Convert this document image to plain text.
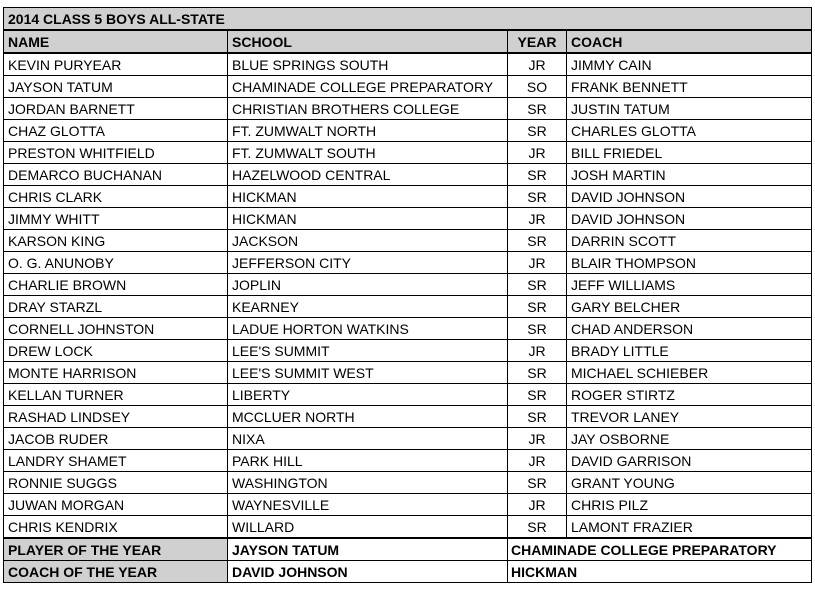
2014 CLASS 5 BOYS ALL-STATE			
NAME	SCHOOL	YEAR	COACH
KEVIN PURYEAR	BLUE SPRINGS SOUTH	JR	JIMMY CAIN
JAYSON TATUM	CHAMINADE COLLEGE PREPARATORY	SO	FRANK BENNETT
JORDAN BARNETT	CHRISTIAN BROTHERS COLLEGE	SR	JUSTIN TATUM
CHAZ GLOTTA	FT. ZUMWALT NORTH	SR	CHARLES GLOTTA
PRESTON WHITFIELD	FT. ZUMWALT SOUTH	JR	BILL FRIEDEL
DEMARCO BUCHANAN	HAZELWOOD CENTRAL	SR	JOSH MARTIN
CHRIS CLARK	HICKMAN	SR	DAVID JOHNSON
JIMMY WHITT	HICKMAN	JR	DAVID JOHNSON
KARSON KING	JACKSON	SR	DARRIN SCOTT
O. G. ANUNOBY	JEFFERSON CITY	JR	BLAIR THOMPSON
CHARLIE BROWN	JOPLIN	SR	JEFF WILLIAMS
DRAY STARZL	KEARNEY	SR	GARY BELCHER
CORNELL JOHNSTON	LADUE HORTON WATKINS	SR	CHAD ANDERSON
DREW LOCK	LEE'S SUMMIT	JR	BRADY LITTLE
MONTE HARRISON	LEE'S SUMMIT WEST	SR	MICHAEL SCHIEBER
KELLAN TURNER	LIBERTY	SR	ROGER STIRTZ
RASHAD LINDSEY	MCCLUER NORTH	SR	TREVOR LANEY
JACOB RUDER	NIXA	JR	JAY OSBORNE
LANDRY SHAMET	PARK HILL	JR	DAVID GARRISON
RONNIE SUGGS	WASHINGTON	SR	GRANT YOUNG
JUWAN MORGAN	WAYNESVILLE	JR	CHRIS PILZ
CHRIS KENDRIX	WILLARD	SR	LAMONT FRAZIER
PLAYER OF THE YEAR	JAYSON TATUM	CHAMINADE COLLEGE PREPARATORY	
COACH OF THE YEAR	DAVID JOHNSON	HICKMAN	
